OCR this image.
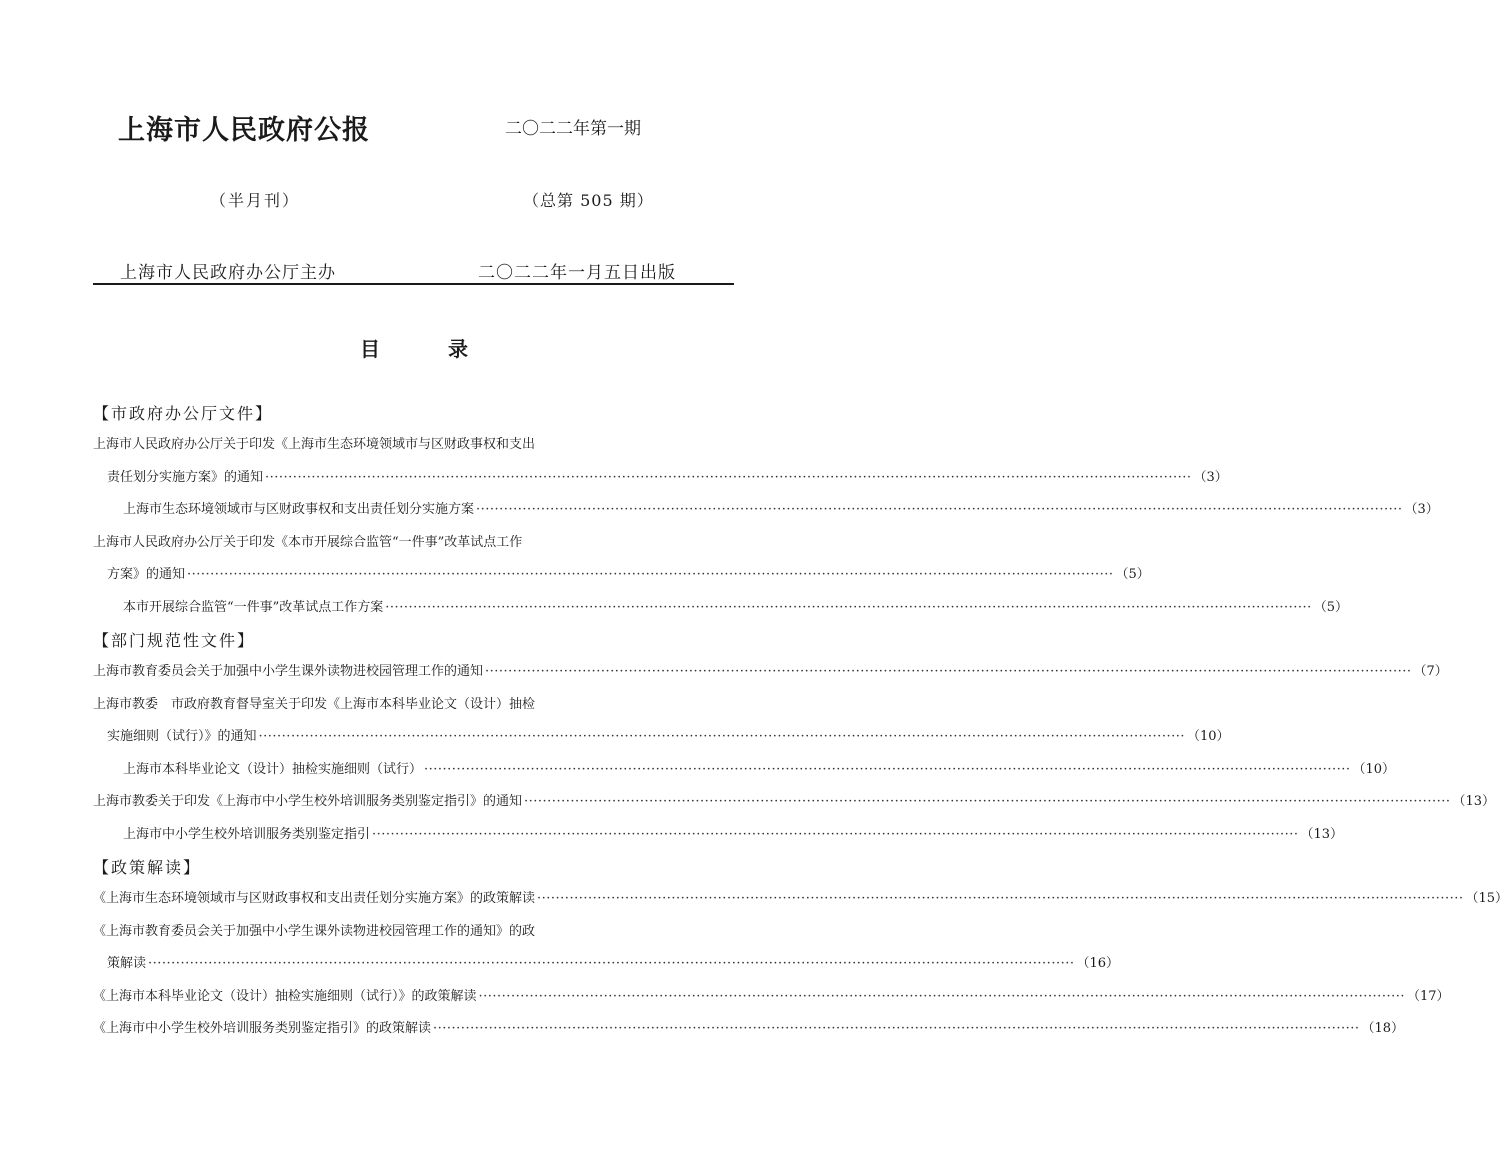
上海市人民政府公报	二〇二二年第一期
（半月刊）	（总第 505 期）
上海市人民政府办公厅主办	二〇二二年一月五日出版
目录
【市政府办公厅文件】
上海市人民政府办公厅关于印发《上海市生态环境领域市与区财政事权和支出
责任划分实施方案》的通知 ········································································································································································································ （3）
上海市生态环境领域市与区财政事权和支出责任划分实施方案 ········································································································································································································ （3）
上海市人民政府办公厅关于印发《本市开展综合监管“一件事”改革试点工作
方案》的通知 ········································································································································································································ （5）
本市开展综合监管“一件事”改革试点工作方案 ········································································································································································································ （5）
【部门规范性文件】
上海市教育委员会关于加强中小学生课外读物进校园管理工作的通知 ········································································································································································································ （7）
上海市教委　市政府教育督导室关于印发《上海市本科毕业论文（设计）抽检
实施细则（试行）》的通知 ········································································································································································································ （10）
上海市本科毕业论文（设计）抽检实施细则（试行） ········································································································································································································ （10）
上海市教委关于印发《上海市中小学生校外培训服务类别鉴定指引》的通知 ········································································································································································································ （13）
上海市中小学生校外培训服务类别鉴定指引 ········································································································································································································ （13）
【政策解读】
《上海市生态环境领域市与区财政事权和支出责任划分实施方案》的政策解读 ········································································································································································································ （15）
《上海市教育委员会关于加强中小学生课外读物进校园管理工作的通知》的政
策解读 ········································································································································································································ （16）
《上海市本科毕业论文（设计）抽检实施细则（试行）》的政策解读 ········································································································································································································ （17）
《上海市中小学生校外培训服务类别鉴定指引》的政策解读 ········································································································································································································ （18）
